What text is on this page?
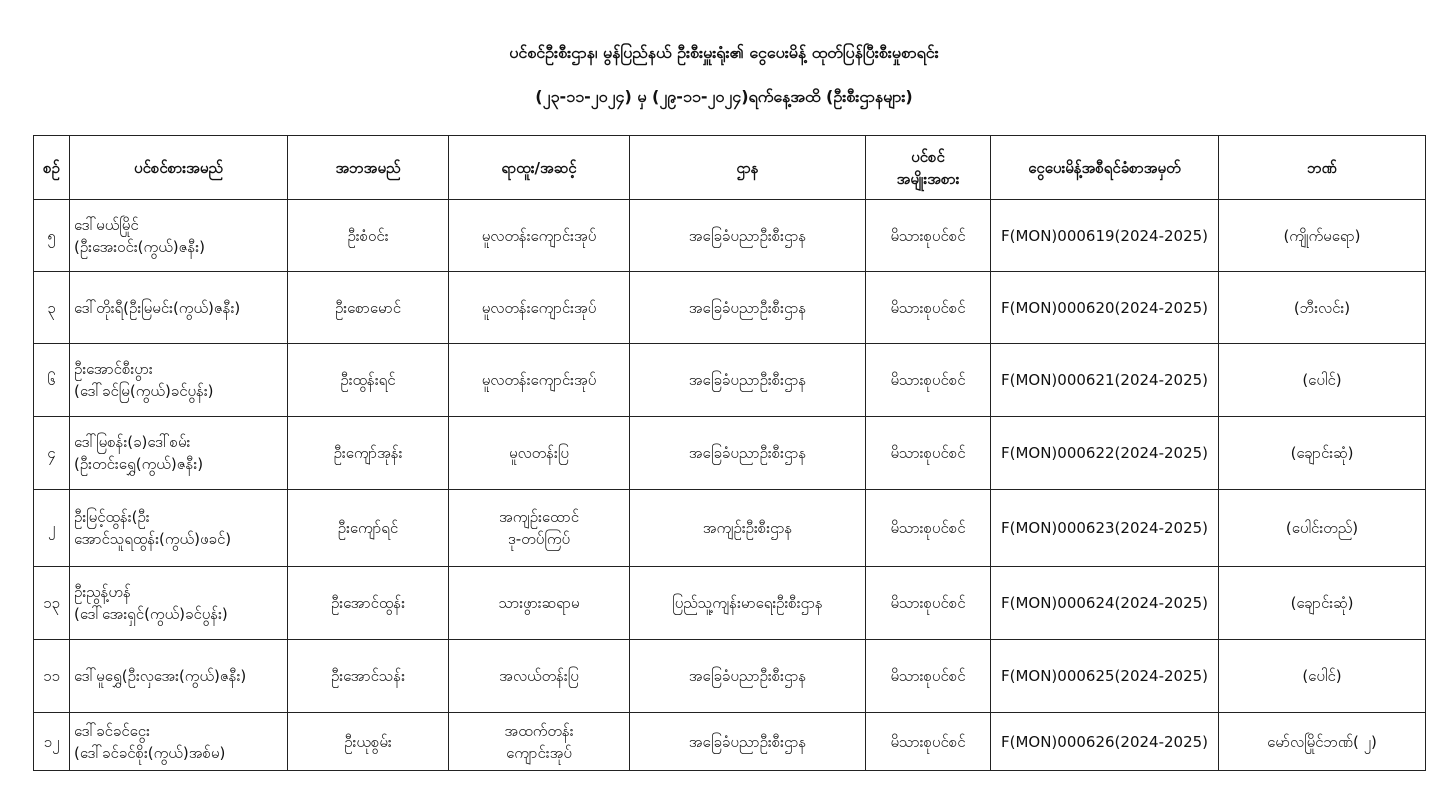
ပင်စင်ဦးစီးဌာန၊ မွန်ပြည်နယ် ဦးစီးမှူးရုံး၏ ငွေပေးမိန့် ထုတ်ပြန်ပြီးစီးမှုစာရင်း
(၂၃-၁၁-၂၀၂၄) မှ (၂၉-၁၁-၂၀၂၄)ရက်နေ့အထိ (ဦးစီးဌာနများ)
စဉ်	ပင်စင်စားအမည်	အဘအမည်	ရာထူး/အဆင့်	ဌာန	ပင်စင်
အမျိုးအစား	ငွေပေးမိန့်အစီရင်ခံစာအမှတ်	ဘဏ်

၅	ဒေါ်မယ်မြိုင်
(ဦးအေးဝင်း(ကွယ်)ဇနီး)	ဦးစံဝင်း	မူလတန်းကျောင်းအုပ်	အခြေခံပညာဦးစီးဌာန	မိသားစုပင်စင်	F(MON)000619(2024-2025)	(ကျိုက်မရော)
၃	ဒေါ်တိုးရီ(ဦးမြမင်း(ကွယ်)ဇနီး)	ဦးစောမောင်	မူလတန်းကျောင်းအုပ်	အခြေခံပညာဦးစီးဌာန	မိသားစုပင်စင်	F(MON)000620(2024-2025)	(ဘီးလင်း)
၆	ဦးအောင်စီးပွား
(ဒေါ်ခင်မြ(ကွယ်)ခင်ပွန်း)	ဦးထွန်းရင်	မူလတန်းကျောင်းအုပ်	အခြေခံပညာဦးစီးဌာန	မိသားစုပင်စင်	F(MON)000621(2024-2025)	(ပေါင်)
၄	ဒေါ်မြစန်း(ခ)ဒေါ်စမ်း
(ဦးတင်းရွှေ(ကွယ်)ဇနီး)	ဦးကျော်အုန်း	မူလတန်းပြ	အခြေခံပညာဦးစီးဌာန	မိသားစုပင်စင်	F(MON)000622(2024-2025)	(ချောင်းဆုံ)
၂	ဦးမြင့်ထွန်း(ဦး
အောင်သူရထွန်း(ကွယ်)ဖခင်)	ဦးကျော်ရင်	အကျဉ်းထောင်
ဒု-တပ်ကြပ်	အကျဉ်းဦးစီးဌာန	မိသားစုပင်စင်	F(MON)000623(2024-2025)	(ပေါင်းတည်)
၁၃	ဦးညွန့်ဟန်
(ဒေါ်အေးရှင်(ကွယ်)ခင်ပွန်း)	ဦးအောင်ထွန်း	သားဖွားဆရာမ	ပြည်သူ့ကျန်းမာရေးဦးစီးဌာန	မိသားစုပင်စင်	F(MON)000624(2024-2025)	(ချောင်းဆုံ)
၁၁	ဒေါ်မူရွှေ(ဦးလှအေး(ကွယ်)ဇနီး)	ဦးအောင်သန်း	အလယ်တန်းပြ	အခြေခံပညာဦးစီးဌာန	မိသားစုပင်စင်	F(MON)000625(2024-2025)	(ပေါင်)
၁၂	ဒေါ်ခင်ခင်ငွေး
(ဒေါ်ခင်ခင်စိုး(ကွယ်)အစ်မ)	ဦးယုစွမ်း	အထက်တန်း
ကျောင်းအုပ်	အခြေခံပညာဦးစီးဌာန	မိသားစုပင်စင်	F(MON)000626(2024-2025)	မော်လမြိုင်ဘဏ်( ၂)
